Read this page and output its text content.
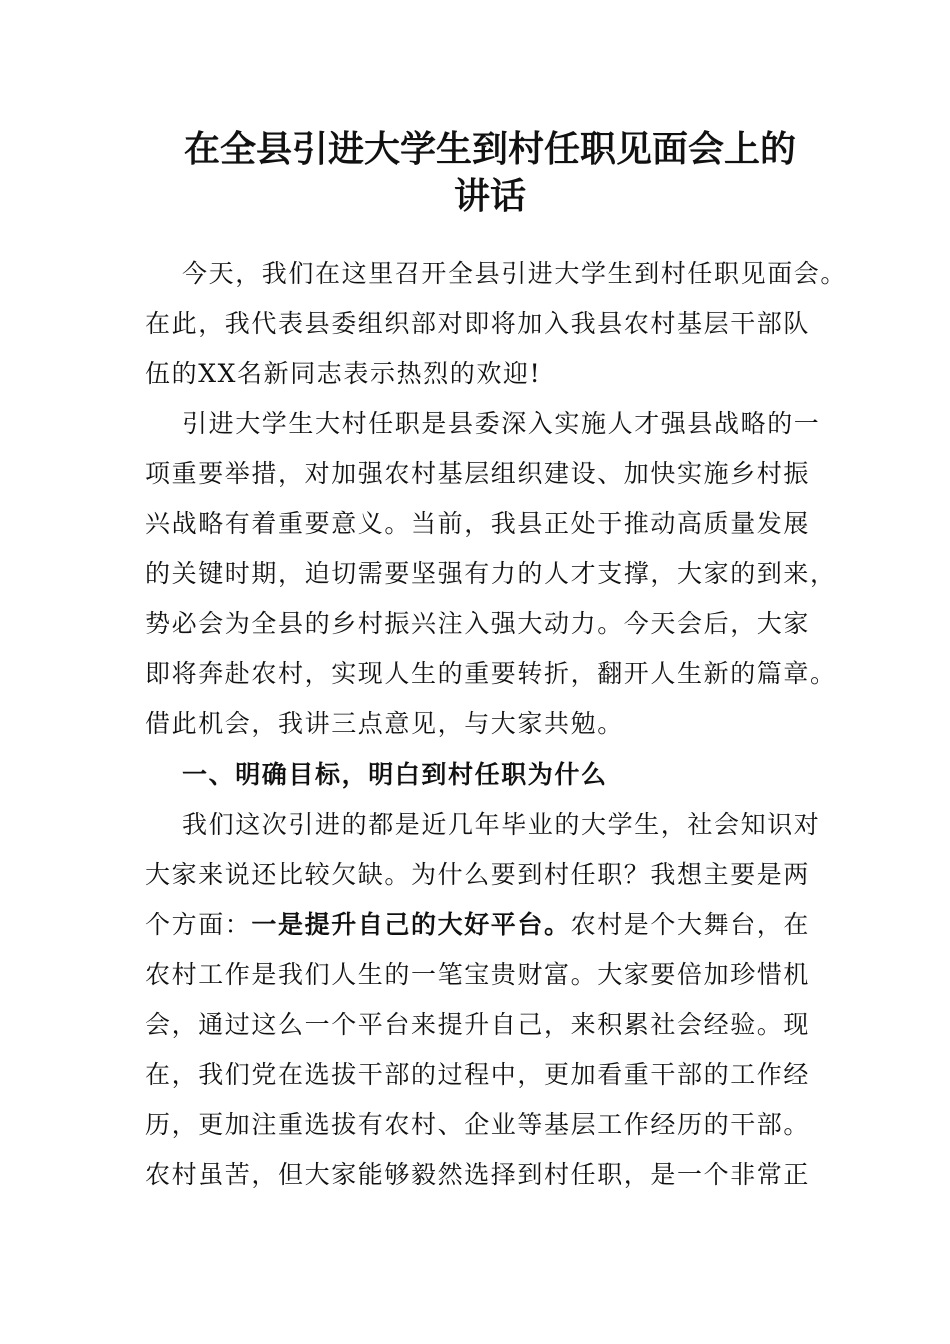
在全县引进大学生到村任职见面会上的
讲话
今天，我们在这里召开全县引进大学生到村任职见面会。
在此，我代表县委组织部对即将加入我县农村基层干部队
伍的XX名新同志表示热烈的欢迎!
引进大学生大村任职是县委深入实施人才强县战略的一
项重要举措，对加强农村基层组织建设、加快实施乡村振
兴战略有着重要意义。当前，我县正处于推动高质量发展
的关键时期，迫切需要坚强有力的人才支撑，大家的到来，
势必会为全县的乡村振兴注入强大动力。今天会后，大家
即将奔赴农村，实现人生的重要转折，翻开人生新的篇章。
借此机会，我讲三点意见，与大家共勉。
一、明确目标，明白到村任职为什么
我们这次引进的都是近几年毕业的大学生，社会知识对
大家来说还比较欠缺。为什么要到村任职？我想主要是两
个方面：一是提升自己的大好平台。农村是个大舞台，在
农村工作是我们人生的一笔宝贵财富。大家要倍加珍惜机
会，通过这么一个平台来提升自己，来积累社会经验。现
在，我们党在选拔干部的过程中，更加看重干部的工作经
历，更加注重选拔有农村、企业等基层工作经历的干部。
农村虽苦，但大家能够毅然选择到村任职，是一个非常正
